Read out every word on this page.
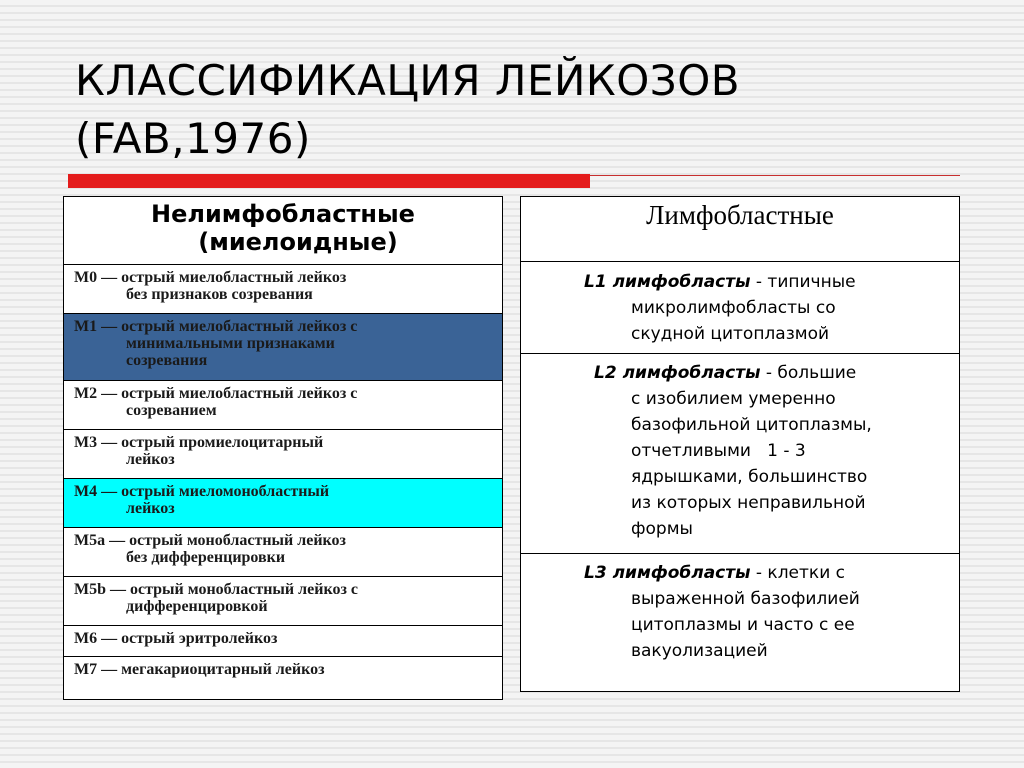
КЛАССИФИКАЦИЯ ЛЕЙКОЗОВ
(FAB,1976)
Нелимфобластные
(миелоидные)

М0 — острый миелобластный лейкоз
без признаков созревания

М1 — острый миелобластный лейкоз с
минимальными признаками
созревания

М2 — острый миелобластный лейкоз с
созреванием

М3 — острый промиелоцитарный
лейкоз

М4 — острый миеломонобластный
лейкоз

М5а — острый монобластный лейкоз
без дифференцировки

М5b — острый монобластный лейкоз с
дифференцировкой

М6 — острый эритролейкоз
М7 — мегакариоцитарный лейкоз
Лимфобластные

L1 лимфобласты - типичные
микролимфобласты со
скудной цитоплазмой

L2 лимфобласты - большие
с изобилием умеренно
базофильной цитоплазмы,
отчетливыми   1 - 3
ядрышками, большинство
из которых неправильной
формы

L3 лимфобласты - клетки с
выраженной базофилией
цитоплазмы и часто с ее
вакуолизацией
